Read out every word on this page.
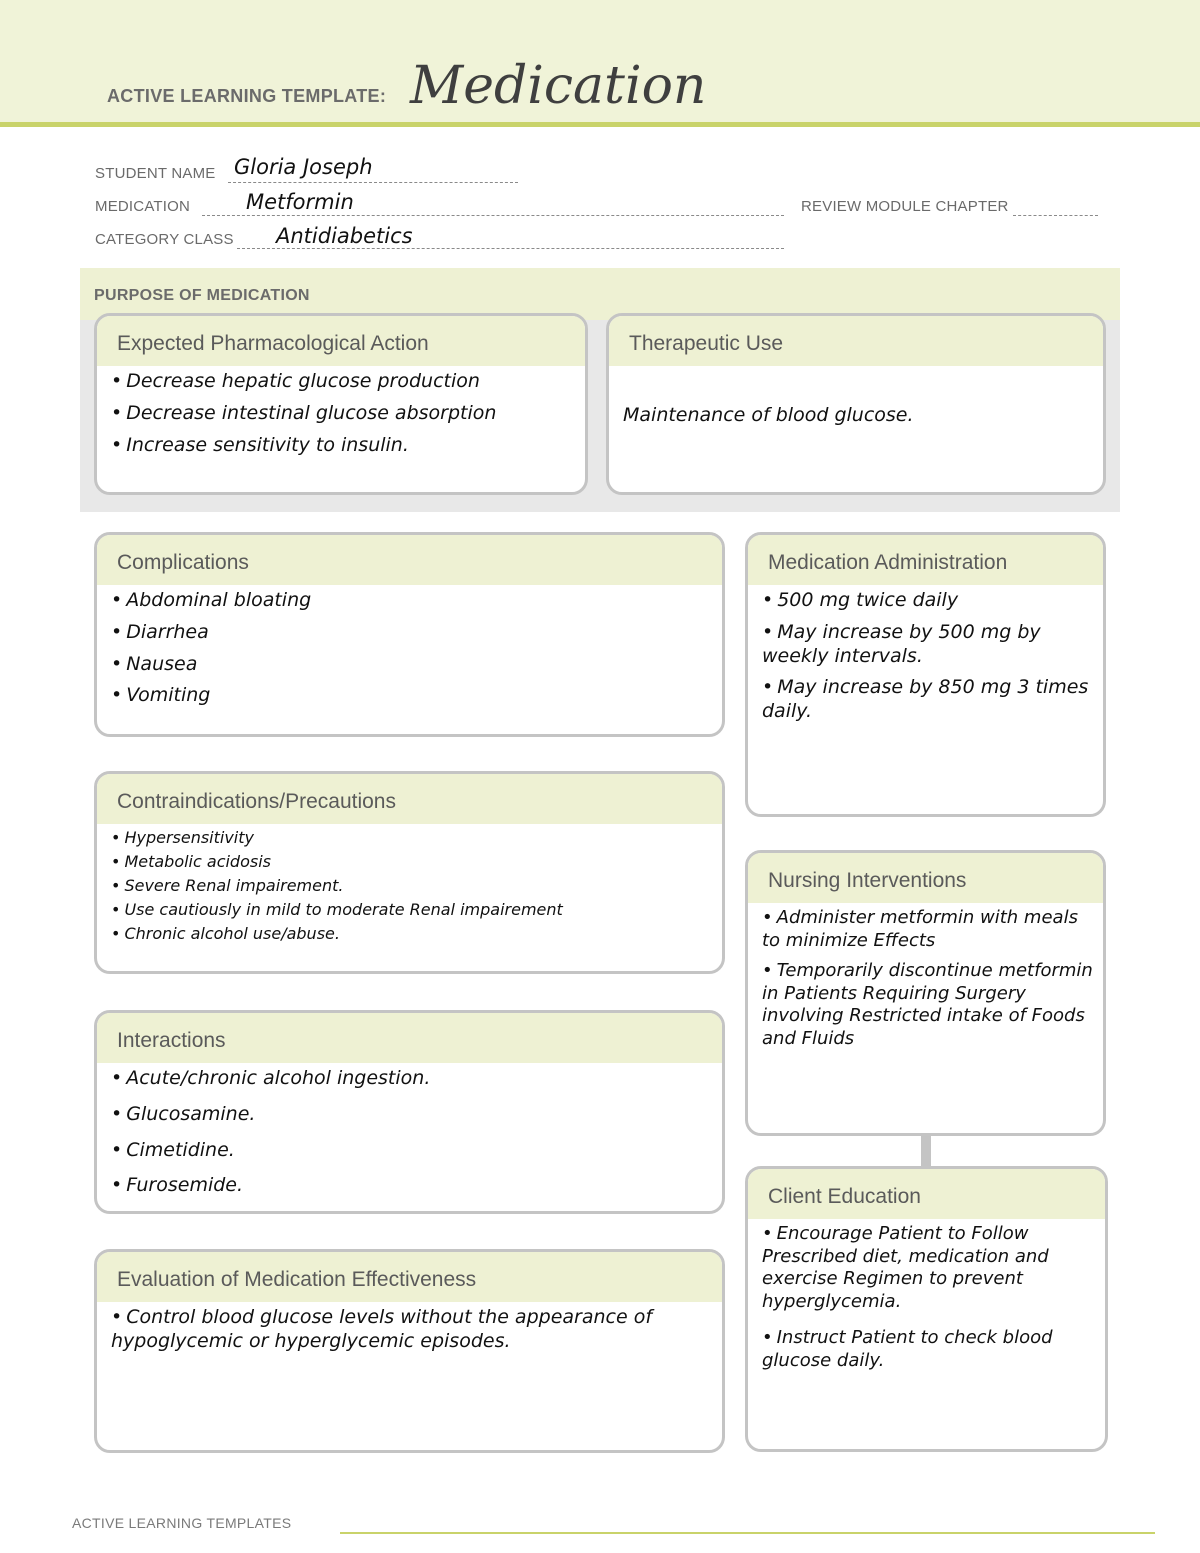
ACTIVE LEARNING TEMPLATE: Medication
STUDENT NAME Gloria Joseph
MEDICATION	Metformin	REVIEW MODULE CHAPTER
CATEGORY CLASS Antidiabetics
PURPOSE OF MEDICATION
Expected Pharmacological Action
• Decrease hepatic glucose production
• Decrease intestinal glucose absorption
• Increase sensitivity to insulin.
Therapeutic Use
Maintenance of blood glucose.
Complications
• Abdominal bloating
• Diarrhea
• Nausea
• Vomiting
Medication Administration
• 500 mg twice daily
• May increase by 500 mg by weekly intervals.
• May increase by 850 mg 3 times daily.
Contraindications/Precautions
• Hypersensitivity
• Metabolic acidosis
• Severe Renal impairement.
• Use cautiously in mild to moderate Renal impairement
• Chronic alcohol use/abuse.
Nursing Interventions
• Administer metformin with meals to minimize Effects
• Temporarily discontinue metformin in Patients Requiring Surgery involving Restricted intake of Foods and Fluids
Interactions
• Acute/chronic alcohol ingestion.
• Glucosamine.
• Cimetidine.
• Furosemide.	Client Education
• Encourage Patient to Follow Prescribed diet, medication and exercise Regimen to prevent hyperglycemia.
• Instruct Patient to check blood glucose daily.
Evaluation of Medication Effectiveness
• Control blood glucose levels without the appearance of hypoglycemic or hyperglycemic episodes.
ACTIVE LEARNING TEMPLATES
